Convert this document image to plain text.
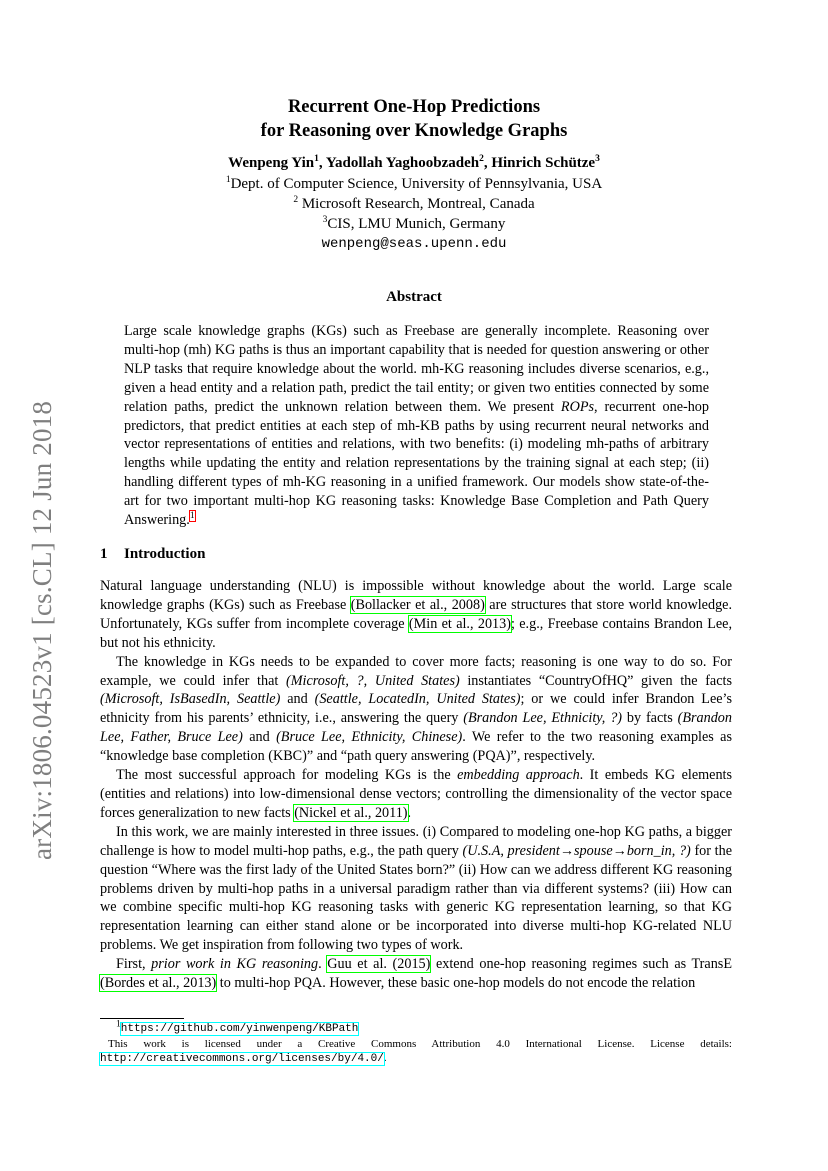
arXiv:1806.04523v1 [cs.CL] 12 Jun 2018
Recurrent One-Hop Predictions
for Reasoning over Knowledge Graphs
Wenpeng Yin$^1$, Yadollah Yaghoobzadeh$^2$, Hinrich Schütze$^3$
$^1$Dept. of Computer Science, University of Pennsylvania, USA
$^2$ Microsoft Research, Montreal, Canada
$^3$CIS, LMU Munich, Germany
wenpeng@seas.upenn.edu
Abstract
Large scale knowledge graphs (KGs) such as Freebase are generally incomplete. Reasoning over multi-hop (mh) KG paths is thus an important capability that is needed for question answering or other NLP tasks that require knowledge about the world. mh-KG reasoning includes diverse scenarios, e.g., given a head entity and a relation path, predict the tail entity; or given two entities connected by some relation paths, predict the unknown relation between them. We present ROPs, recurrent one-hop predictors, that predict entities at each step of mh-KB paths by using recurrent neural networks and vector representations of entities and relations, with two benefits: (i) modeling mh-paths of arbitrary lengths while updating the entity and relation representations by the training signal at each step; (ii) handling different types of mh-KG reasoning in a unified framework. Our models show state-of-the-art for two important multi-hop KG reasoning tasks: Knowledge Base Completion and Path Query Answering.$^1$
1 Introduction

Natural language understanding (NLU) is impossible without knowledge about the world. Large scale knowledge graphs (KGs) such as Freebase (Bollacker et al., 2008) are structures that store world knowledge. Unfortunately, KGs suffer from incomplete coverage (Min et al., 2013); e.g., Freebase contains Brandon Lee, but not his ethnicity.

The knowledge in KGs needs to be expanded to cover more facts; reasoning is one way to do so. For example, we could infer that (Microsoft, ?, United States) instantiates “CountryOfHQ” given the facts (Microsoft, IsBasedIn, Seattle) and (Seattle, LocatedIn, United States); or we could infer Brandon Lee’s ethnicity from his parents’ ethnicity, i.e., answering the query (Brandon Lee, Ethnicity, ?) by facts (Brandon Lee, Father, Bruce Lee) and (Bruce Lee, Ethnicity, Chinese). We refer to the two reasoning examples as “knowledge base completion (KBC)” and “path query answering (PQA)”, respectively.

The most successful approach for modeling KGs is the embedding approach. It embeds KG elements (entities and relations) into low-dimensional dense vectors; controlling the dimensionality of the vector space forces generalization to new facts (Nickel et al., 2011).

In this work, we are mainly interested in three issues. (i) Compared to modeling one-hop KG paths, a bigger challenge is how to model multi-hop paths, e.g., the path query (U.S.A, president→spouse→born_in, ?) for the question “Where was the first lady of the United States born?” (ii) How can we address different KG reasoning problems driven by multi-hop paths in a universal paradigm rather than via different systems? (iii) How can we combine specific multi-hop KG reasoning tasks with generic KG representation learning, so that KG representation learning can either stand alone or be incorporated into diverse multi-hop KG-related NLU problems. We get inspiration from following two types of work.

First, prior work in KG reasoning. Guu et al. (2015) extend one-hop reasoning regimes such as TransE (Bordes et al., 2013) to multi-hop PQA. However, these basic one-hop models do not encode the relation

$^1$https://github.com/yinwenpeng/KBPath
This work is licensed under a Creative Commons Attribution 4.0 International License. License details: http://creativecommons.org/licenses/by/4.0/.
